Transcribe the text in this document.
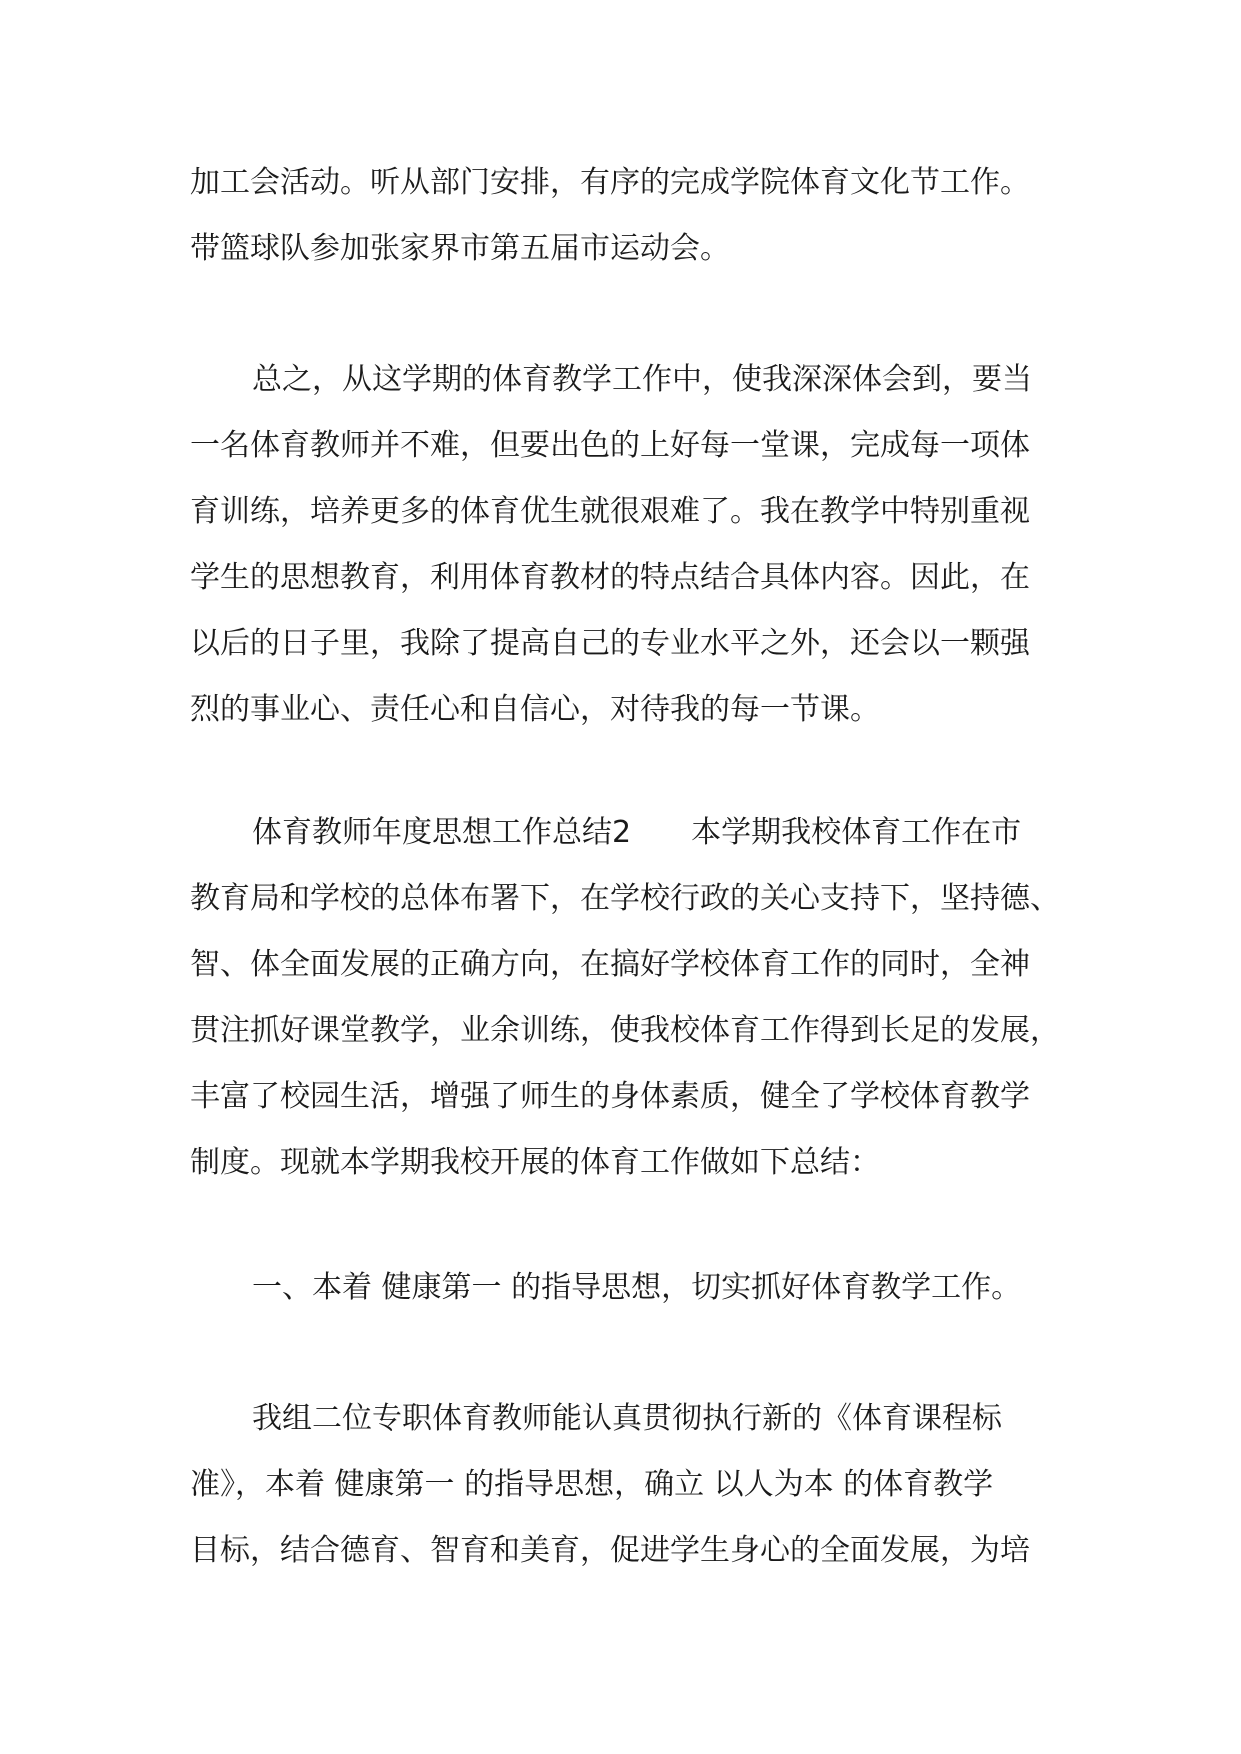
加工会活动。听从部门安排，有序的完成学院体育文化节工作。
带篮球队参加张家界市第五届市运动会。
总之，从这学期的体育教学工作中，使我深深体会到，要当
一名体育教师并不难，但要出色的上好每一堂课，完成每一项体
育训练，培养更多的体育优生就很艰难了。我在教学中特别重视
学生的思想教育，利用体育教材的特点结合具体内容。因此，在
以后的日子里，我除了提高自己的专业水平之外，还会以一颗强
烈的事业心、责任心和自信心，对待我的每一节课。
体育教师年度思想工作总结2　　本学期我校体育工作在市
教育局和学校的总体布署下，在学校行政的关心支持下，坚持德、
智、体全面发展的正确方向，在搞好学校体育工作的同时，全神
贯注抓好课堂教学，业余训练，使我校体育工作得到长足的发展，
丰富了校园生活，增强了师生的身体素质，健全了学校体育教学
制度。现就本学期我校开展的体育工作做如下总结：
一、本着 健康第一 的指导思想，切实抓好体育教学工作。
我组二位专职体育教师能认真贯彻执行新的《体育课程标
准》，本着 健康第一 的指导思想，确立 以人为本 的体育教学
目标，结合德育、智育和美育，促进学生身心的全面发展，为培
